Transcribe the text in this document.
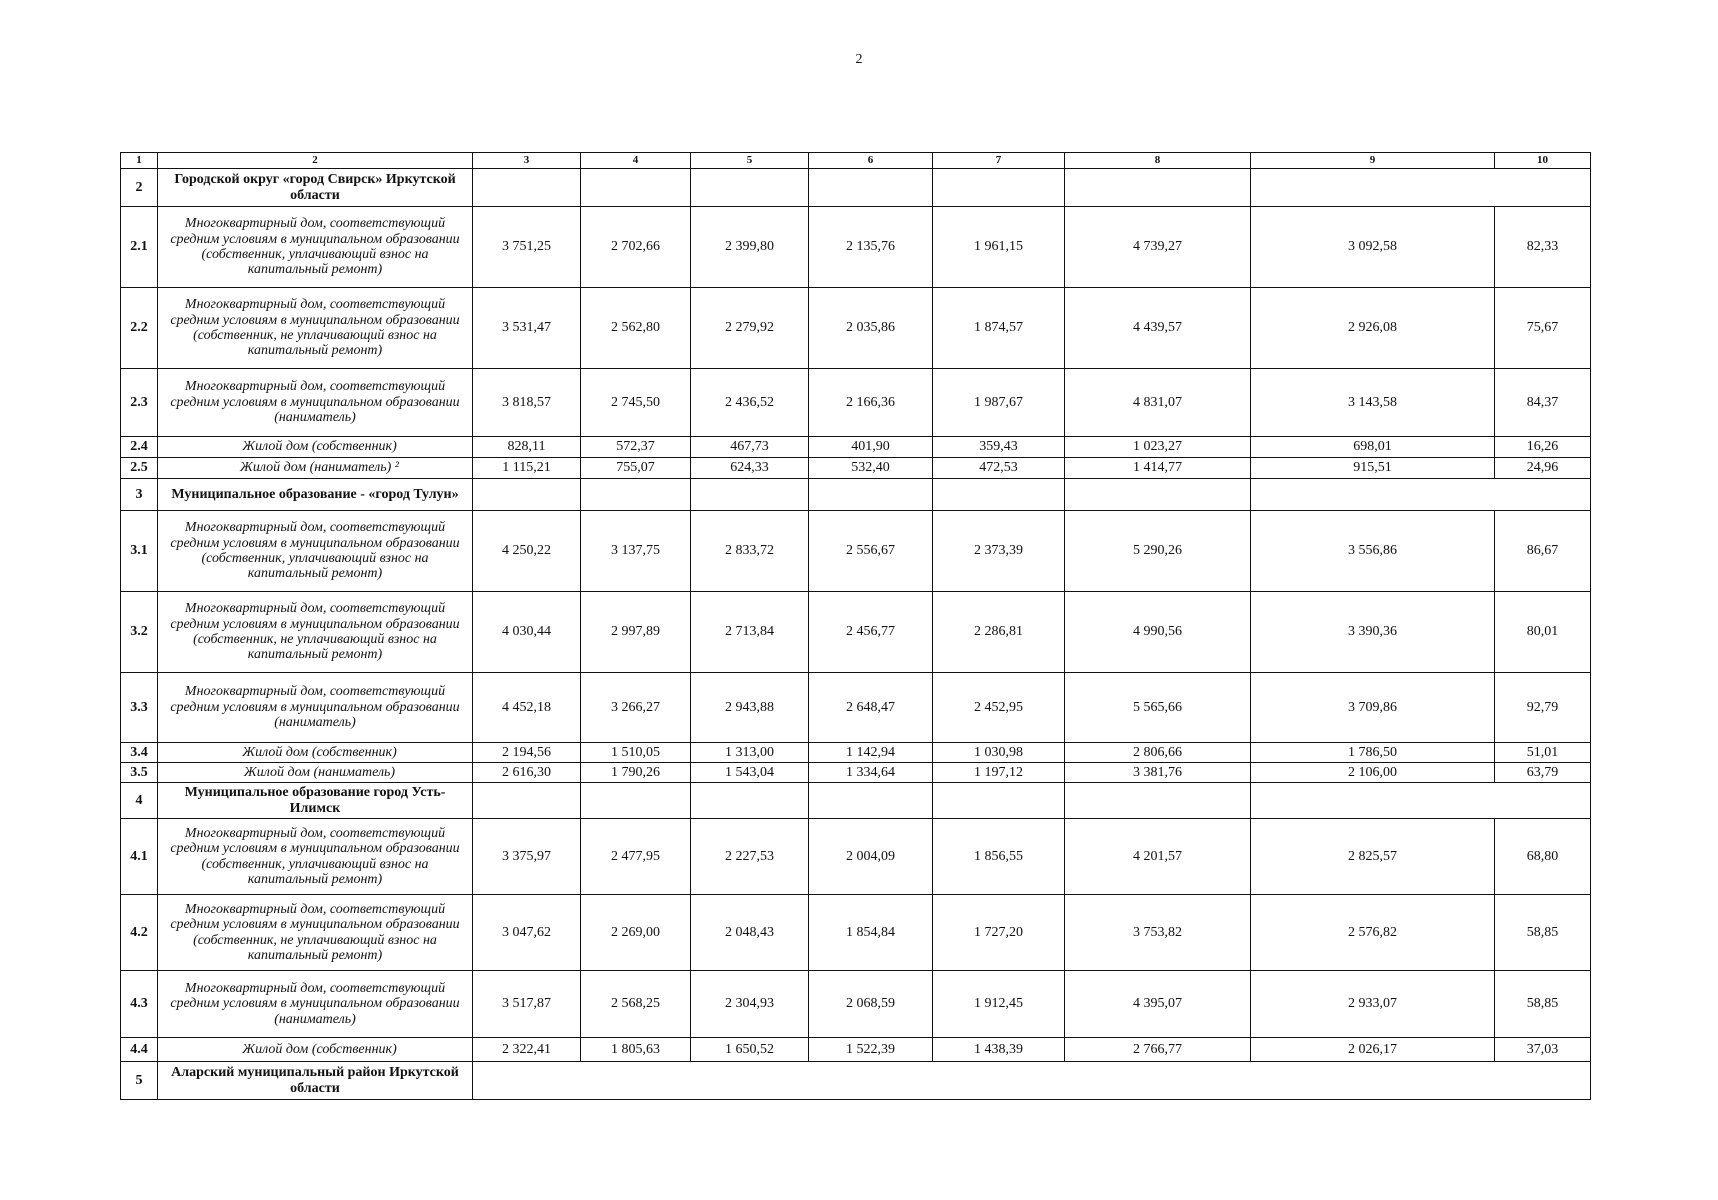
2
1	2	3	4	5	6	7	8	9	10
2	Городской округ «город Свирск» Иркутской области								
2.1	Многоквартирный дом, соответствующий средним условиям в муниципальном образовании (собственник, уплачивающий взнос на капитальный ремонт)	3 751,25	2 702,66	2 399,80	2 135,76	1 961,15	4 739,27	3 092,58	82,33
2.2	Многоквартирный дом, соответствующий средним условиям в муниципальном образовании (собственник, не уплачивающий взнос на капитальный ремонт)	3 531,47	2 562,80	2 279,92	2 035,86	1 874,57	4 439,57	2 926,08	75,67
2.3	Многоквартирный дом, соответствующий средним условиям в муниципальном образовании (наниматель)	3 818,57	2 745,50	2 436,52	2 166,36	1 987,67	4 831,07	3 143,58	84,37
2.4	Жилой дом (собственник)	828,11	572,37	467,73	401,90	359,43	1 023,27	698,01	16,26
2.5	Жилой дом (наниматель) ²	1 115,21	755,07	624,33	532,40	472,53	1 414,77	915,51	24,96
3	Муниципальное образование - «город Тулун»								
3.1	Многоквартирный дом, соответствующий средним условиям в муниципальном образовании (собственник, уплачивающий взнос на капитальный ремонт)	4 250,22	3 137,75	2 833,72	2 556,67	2 373,39	5 290,26	3 556,86	86,67
3.2	Многоквартирный дом, соответствующий средним условиям в муниципальном образовании (собственник, не уплачивающий взнос на капитальный ремонт)	4 030,44	2 997,89	2 713,84	2 456,77	2 286,81	4 990,56	3 390,36	80,01
3.3	Многоквартирный дом, соответствующий средним условиям в муниципальном образовании (наниматель)	4 452,18	3 266,27	2 943,88	2 648,47	2 452,95	5 565,66	3 709,86	92,79
3.4	Жилой дом (собственник)	2 194,56	1 510,05	1 313,00	1 142,94	1 030,98	2 806,66	1 786,50	51,01
3.5	Жилой дом (наниматель)	2 616,30	1 790,26	1 543,04	1 334,64	1 197,12	3 381,76	2 106,00	63,79
4	Муниципальное образование город Усть-Илимск								
4.1	Многоквартирный дом, соответствующий средним условиям в муниципальном образовании (собственник, уплачивающий взнос на капитальный ремонт)	3 375,97	2 477,95	2 227,53	2 004,09	1 856,55	4 201,57	2 825,57	68,80
4.2	Многоквартирный дом, соответствующий средним условиям в муниципальном образовании (собственник, не уплачивающий взнос на капитальный ремонт)	3 047,62	2 269,00	2 048,43	1 854,84	1 727,20	3 753,82	2 576,82	58,85
4.3	Многоквартирный дом, соответствующий средним условиям в муниципальном образовании (наниматель)	3 517,87	2 568,25	2 304,93	2 068,59	1 912,45	4 395,07	2 933,07	58,85
4.4	Жилой дом (собственник)	2 322,41	1 805,63	1 650,52	1 522,39	1 438,39	2 766,77	2 026,17	37,03
5	Аларский муниципальный район Иркутской области								
